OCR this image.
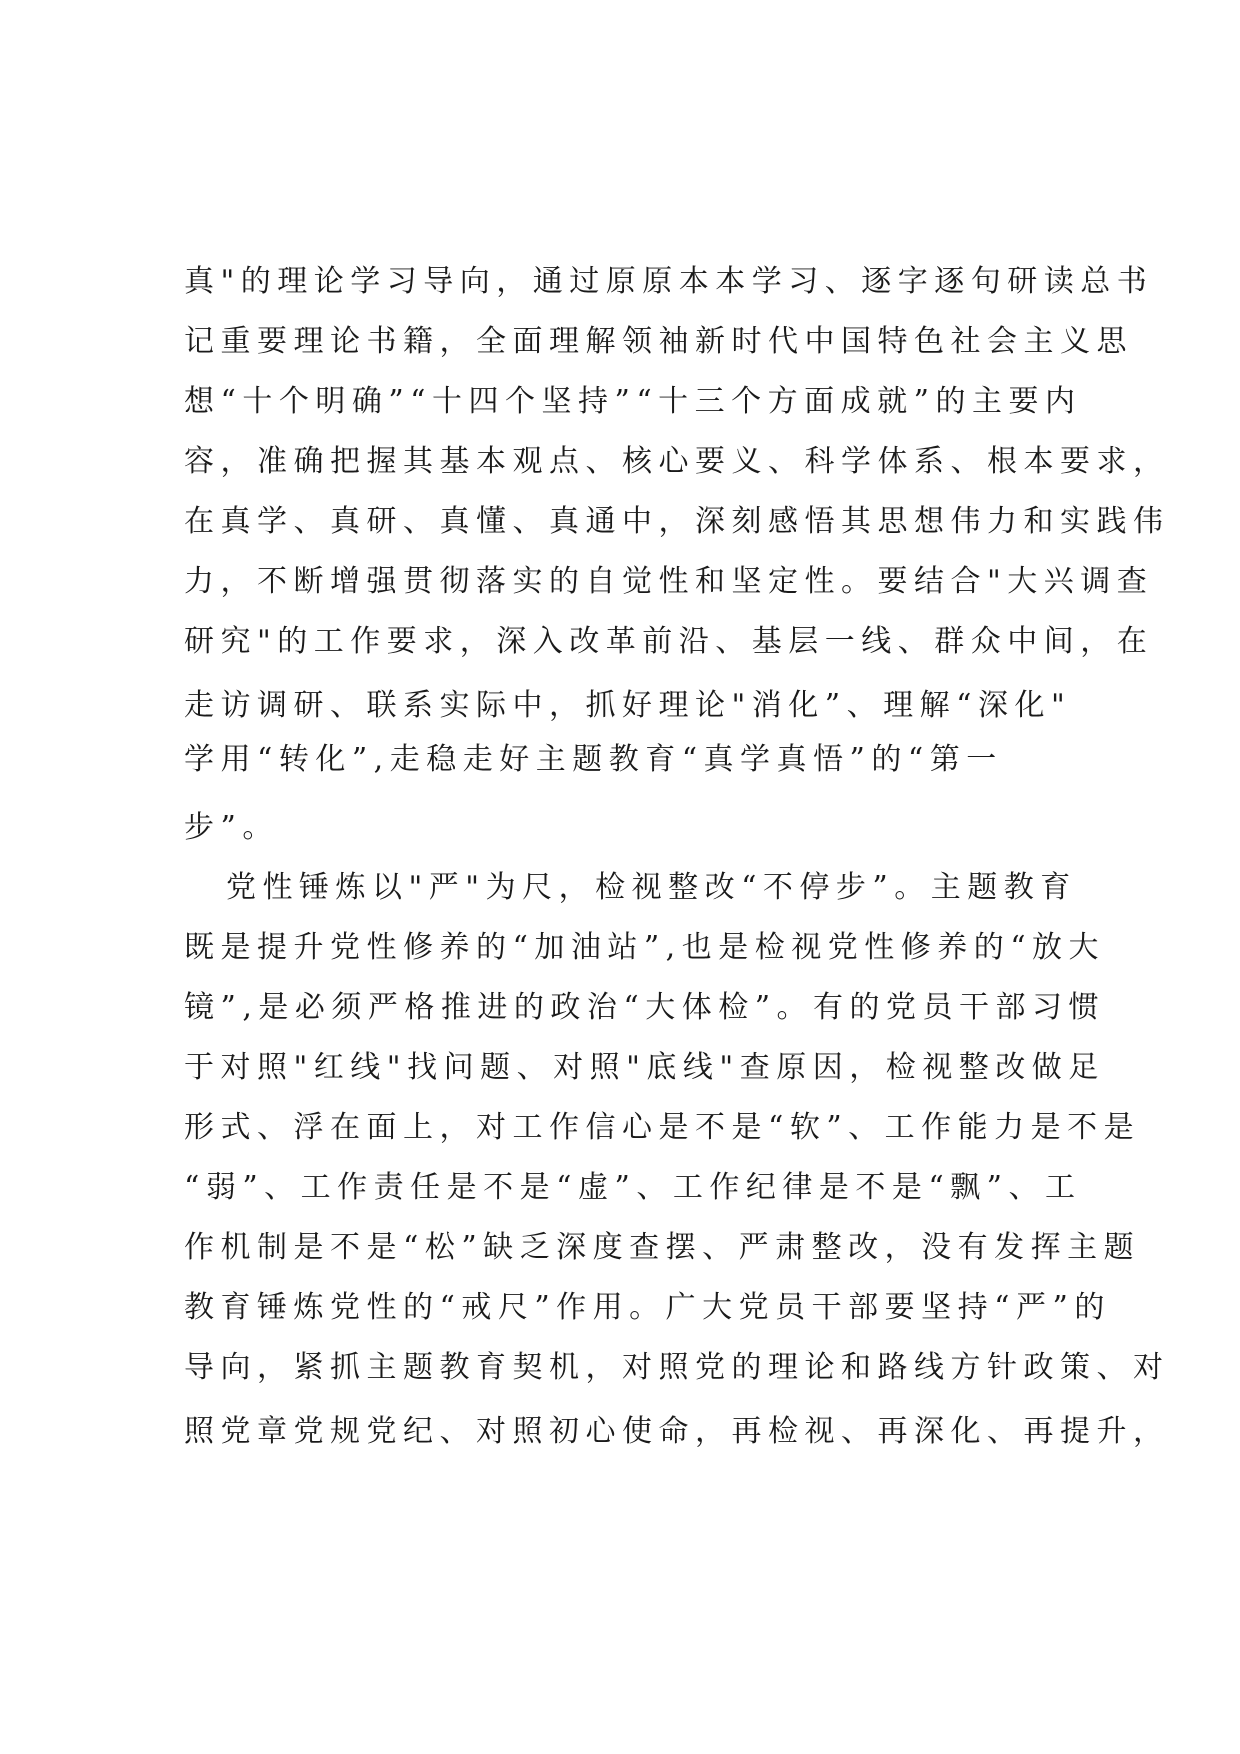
真"的理论学习导向，通过原原本本学习、逐字逐句研读总书
记重要理论书籍，全面理解领袖新时代中国特色社会主义思
想“十个明确”“十四个坚持”“十三个方面成就”的主要内
容，准确把握其基本观点、核心要义、科学体系、根本要求，
在真学、真研、真懂、真通中，深刻感悟其思想伟力和实践伟
力，不断增强贯彻落实的自觉性和坚定性。要结合"大兴调查
研究"的工作要求，深入改革前沿、基层一线、群众中间，在
走访调研、联系实际中，抓好理论"消化”、理解“深化"
学用“转化”,走稳走好主题教育“真学真悟”的“第一
步”。
党性锤炼以"严"为尺，检视整改“不停步”。主题教育
既是提升党性修养的“加油站”,也是检视党性修养的“放大
镜”,是必须严格推进的政治“大体检”。有的党员干部习惯
于对照"红线"找问题、对照"底线"查原因，检视整改做足
形式、浮在面上，对工作信心是不是“软”、工作能力是不是
“弱”、工作责任是不是“虚”、工作纪律是不是“飘”、工
作机制是不是“松”缺乏深度查摆、严肃整改，没有发挥主题
教育锤炼党性的“戒尺”作用。广大党员干部要坚持“严”的
导向，紧抓主题教育契机，对照党的理论和路线方针政策、对
照党章党规党纪、对照初心使命，再检视、再深化、再提升，
